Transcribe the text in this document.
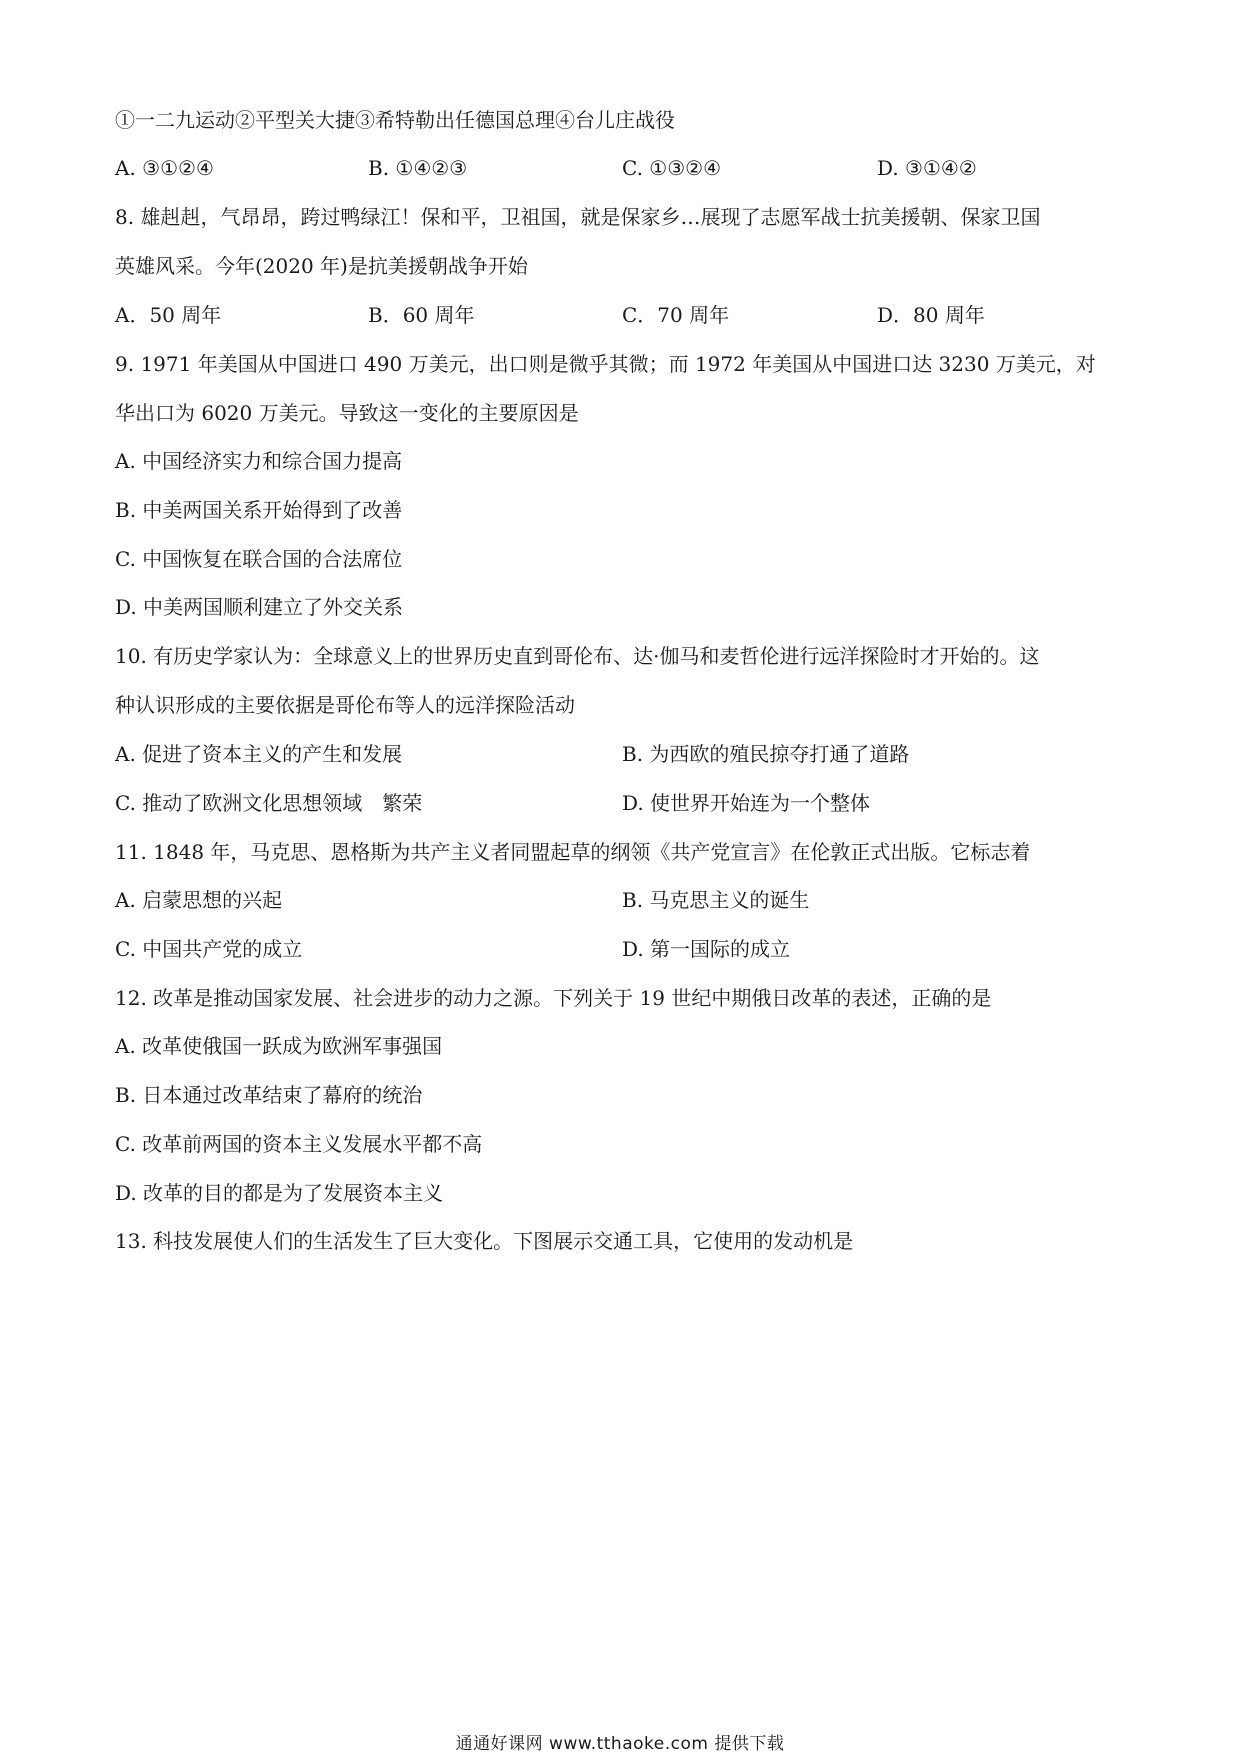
①一二九运动②平型关大捷③希特勒出任德国总理④台儿庄战役
A. ③①②④	B. ①④②③	C. ①③②④	D. ③①④②
8. 雄赳赳，气昂昂，跨过鸭绿江！保和平，卫祖国，就是保家乡…展现了志愿军战士抗美援朝、保家卫国
英雄风采。今年(2020 年)是抗美援朝战争开始
A．50 周年	B．60 周年	C．70 周年	D．80 周年
9. 1971 年美国从中国进口 490 万美元，出口则是微乎其微；而 1972 年美国从中国进口达 3230 万美元，对
华出口为 6020 万美元。导致这一变化的主要原因是
A. 中国经济实力和综合国力提高
B. 中美两国关系开始得到了改善
C. 中国恢复在联合国的合法席位
D. 中美两国顺利建立了外交关系
10. 有历史学家认为：全球意义上的世界历史直到哥伦布、达·伽马和麦哲伦进行远洋探险时才开始的。这
种认识形成的主要依据是哥伦布等人的远洋探险活动
A. 促进了资本主义的产生和发展	B. 为西欧的殖民掠夺打通了道路
C. 推动了欧洲文化思想领域　繁荣	D. 使世界开始连为一个整体
11. 1848 年，马克思、恩格斯为共产主义者同盟起草的纲领《共产党宣言》在伦敦正式出版。它标志着
A. 启蒙思想的兴起	B. 马克思主义的诞生
C. 中国共产党的成立	D. 第一国际的成立
12. 改革是推动国家发展、社会进步的动力之源。下列关于 19 世纪中期俄日改革的表述，正确的是
A. 改革使俄国一跃成为欧洲军事强国
B. 日本通过改革结束了幕府的统治
C. 改革前两国的资本主义发展水平都不高
D. 改革的目的都是为了发展资本主义
13. 科技发展使人们的生活发生了巨大变化。下图展示交通工具，它使用的发动机是
通通好课网 www.tthaoke.com 提供下载
